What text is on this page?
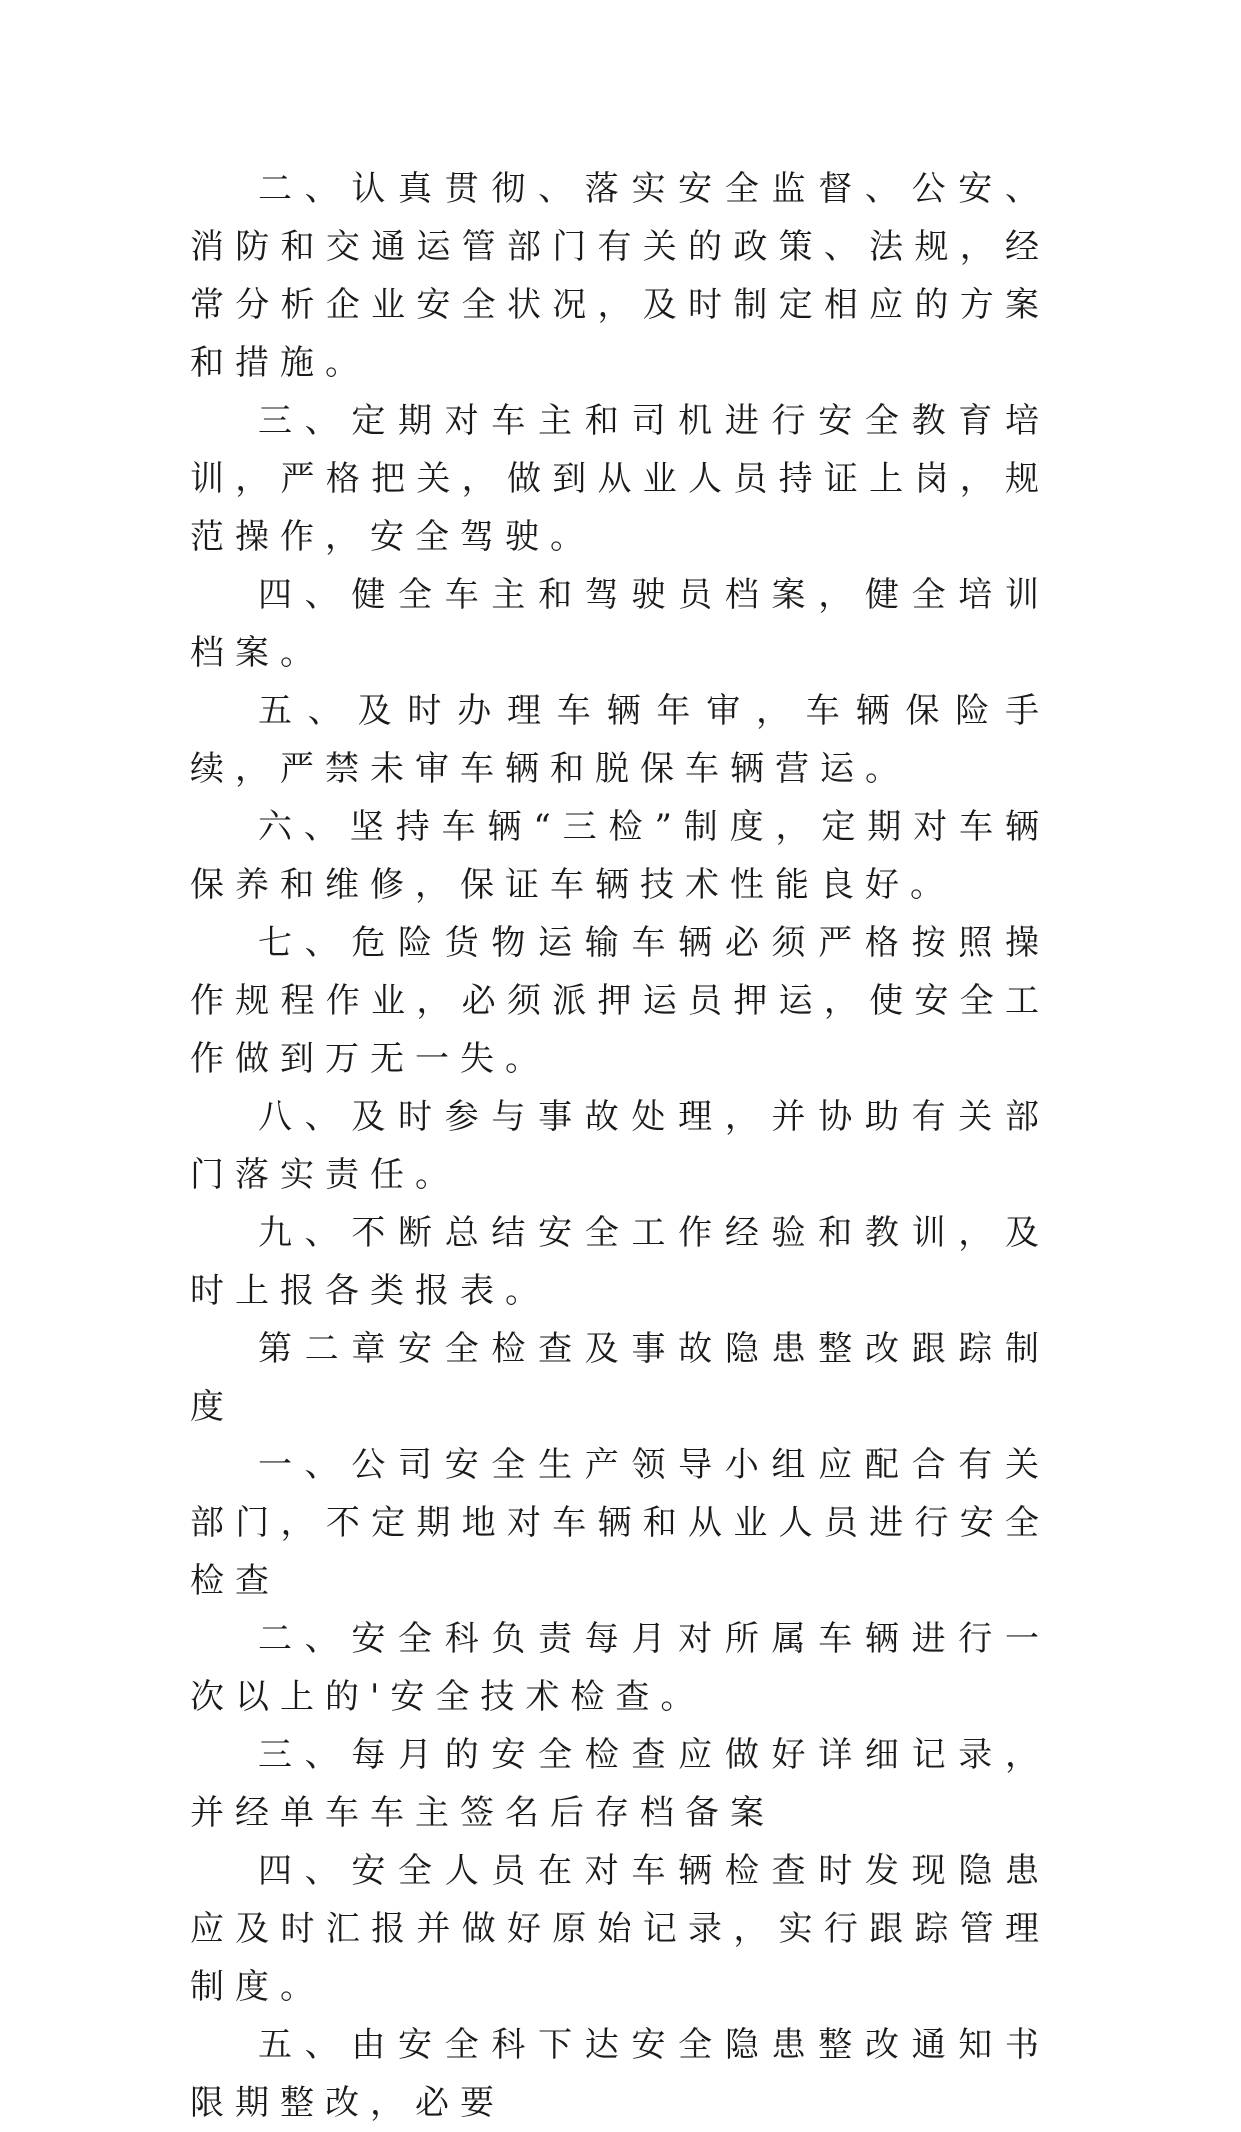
二、认真贯彻、落实安全监督、公安、消防和交通运管部门有关的政策、法规，经常分析企业安全状况，及时制定相应的方案和措施。

三、定期对车主和司机进行安全教育培训，严格把关，做到从业人员持证上岗，规范操作，安全驾驶。

四、健全车主和驾驶员档案，健全培训档案。

五、及时办理车辆年审，车辆保险手续，严禁未审车辆和脱保车辆营运。

六、坚持车辆“三检”制度，定期对车辆保养和维修，保证车辆技术性能良好。

七、危险货物运输车辆必须严格按照操作规程作业，必须派押运员押运，使安全工作做到万无一失。

八、及时参与事故处理，并协助有关部门落实责任。

九、不断总结安全工作经验和教训，及时上报各类报表。

第二章安全检查及事故隐患整改跟踪制度

一、公司安全生产领导小组应配合有关部门，不定期地对车辆和从业人员进行安全检查

二、安全科负责每月对所属车辆进行一次以上的'安全技术检查。

三、每月的安全检查应做好详细记录，并经单车车主签名后存档备案

四、安全人员在对车辆检查时发现隐患应及时汇报并做好原始记录，实行跟踪管理制度。

五、由安全科下达安全隐患整改通知书限期整改，必要
